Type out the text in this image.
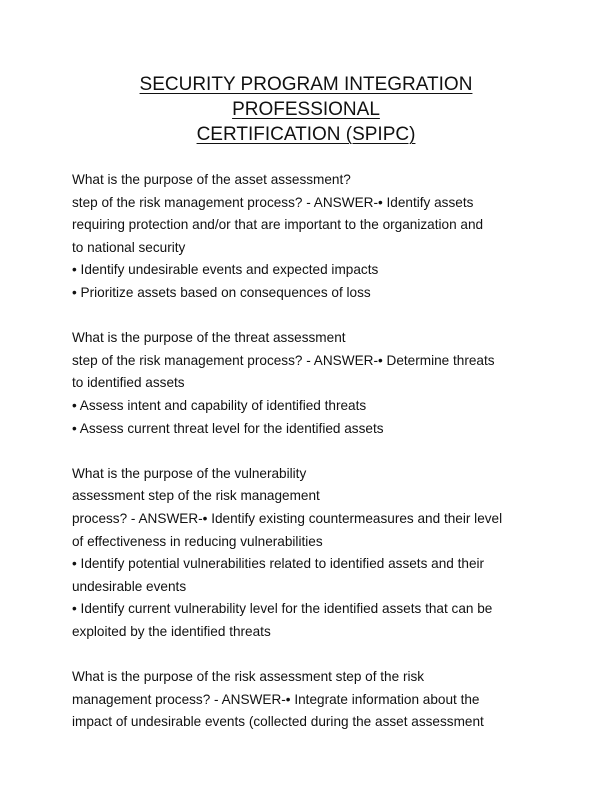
SECURITY PROGRAM INTEGRATION PROFESSIONAL
CERTIFICATION (SPIPC)
What is the purpose of the asset assessment?
step of the risk management process? - ANSWER-• Identify assets
requiring protection and/or that are important to the organization and
to national security
• Identify undesirable events and expected impacts
• Prioritize assets based on consequences of loss
What is the purpose of the threat assessment
step of the risk management process? - ANSWER-• Determine threats
to identified assets
• Assess intent and capability of identified threats
• Assess current threat level for the identified assets
What is the purpose of the vulnerability
assessment step of the risk management
process? - ANSWER-• Identify existing countermeasures and their level
of effectiveness in reducing vulnerabilities
• Identify potential vulnerabilities related to identified assets and their
undesirable events
• Identify current vulnerability level for the identified assets that can be
exploited by the identified threats
What is the purpose of the risk assessment step of the risk
management process? - ANSWER-• Integrate information about the
impact of undesirable events (collected during the asset assessment
